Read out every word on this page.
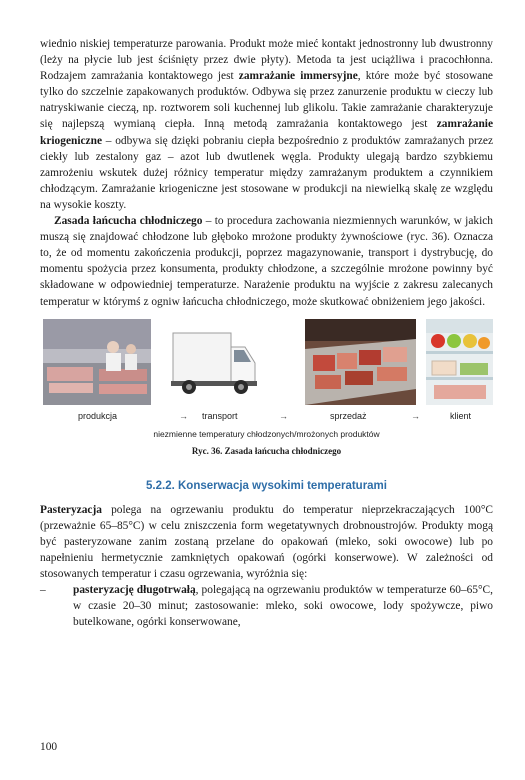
wiednio niskiej temperaturze parowania. Produkt może mieć kontakt jednostronny lub dwustronny (leży na płycie lub jest ściśnięty przez dwie płyty). Metoda ta jest uciążliwa i pracochłonna. Rodzajem zamrażania kontaktowego jest zamrażanie immersyjne, które może być stosowane tylko do szczelnie zapakowanych produktów. Odbywa się przez zanurzenie produktu w cieczy lub natryskiwanie cieczą, np. roztworem soli kuchennej lub glikolu. Takie zamrażanie charakteryzuje się najlepszą wymianą ciepła. Inną metodą zamrażania kontaktowego jest zamrażanie kriogeniczne – odbywa się dzięki pobraniu ciepła bezpośrednio z produktów zamrażanych przez ciekły lub zestalony gaz – azot lub dwutlenek węgla. Produkty ulegają bardzo szybkiemu zamrożeniu wskutek dużej różnicy temperatur między zamrażanym produktem a czynnikiem chłodzącym. Zamrażanie kriogeniczne jest stosowane w produkcji na niewielką skalę ze względu na wysokie koszty.

Zasada łańcucha chłodniczego – to procedura zachowania niezmiennych warunków, w jakich muszą się znajdować chłodzone lub głęboko mrożone produkty żywnościowe (ryc. 36). Oznacza to, że od momentu zakończenia produkcji, poprzez magazynowanie, transport i dystrybucję, do momentu spożycia przez konsumenta, produkty chłodzone, a szczególnie mrożone powinny być składowane w odpowiedniej temperaturze. Narażenie produktu na wyjście z zakresu zalecanych temperatur w którymś z ogniw łańcucha chłodniczego, może skutkować obniżeniem jego jakości.

produkcja	→ transport	→	sprzedaż	→	klient
niezmienne temperatury chłodzonych/mrożonych produktów
Ryc. 36. Zasada łańcucha chłodniczego
5.2.2. Konserwacja wysokimi temperaturami

Pasteryzacja polega na ogrzewaniu produktu do temperatur nieprzekraczających 100°C (przeważnie 65–85°C) w celu zniszczenia form wegetatywnych drobnoustrojów. Produkty mogą być pasteryzowane zanim zostaną przelane do opakowań (mleko, soki owocowe) lub po napełnieniu hermetycznie zamkniętych opakowań (ogórki konserwowe). W zależności od stosowanych temperatur i czasu ogrzewania, wyróżnia się:

– pasteryzację długotrwałą, polegającą na ogrzewaniu produktów w temperaturze 60–65°C, w czasie 20–30 minut; zastosowanie: mleko, soki owocowe, lody spożywcze, piwo butelkowane, ogórki konserwowane,
100
